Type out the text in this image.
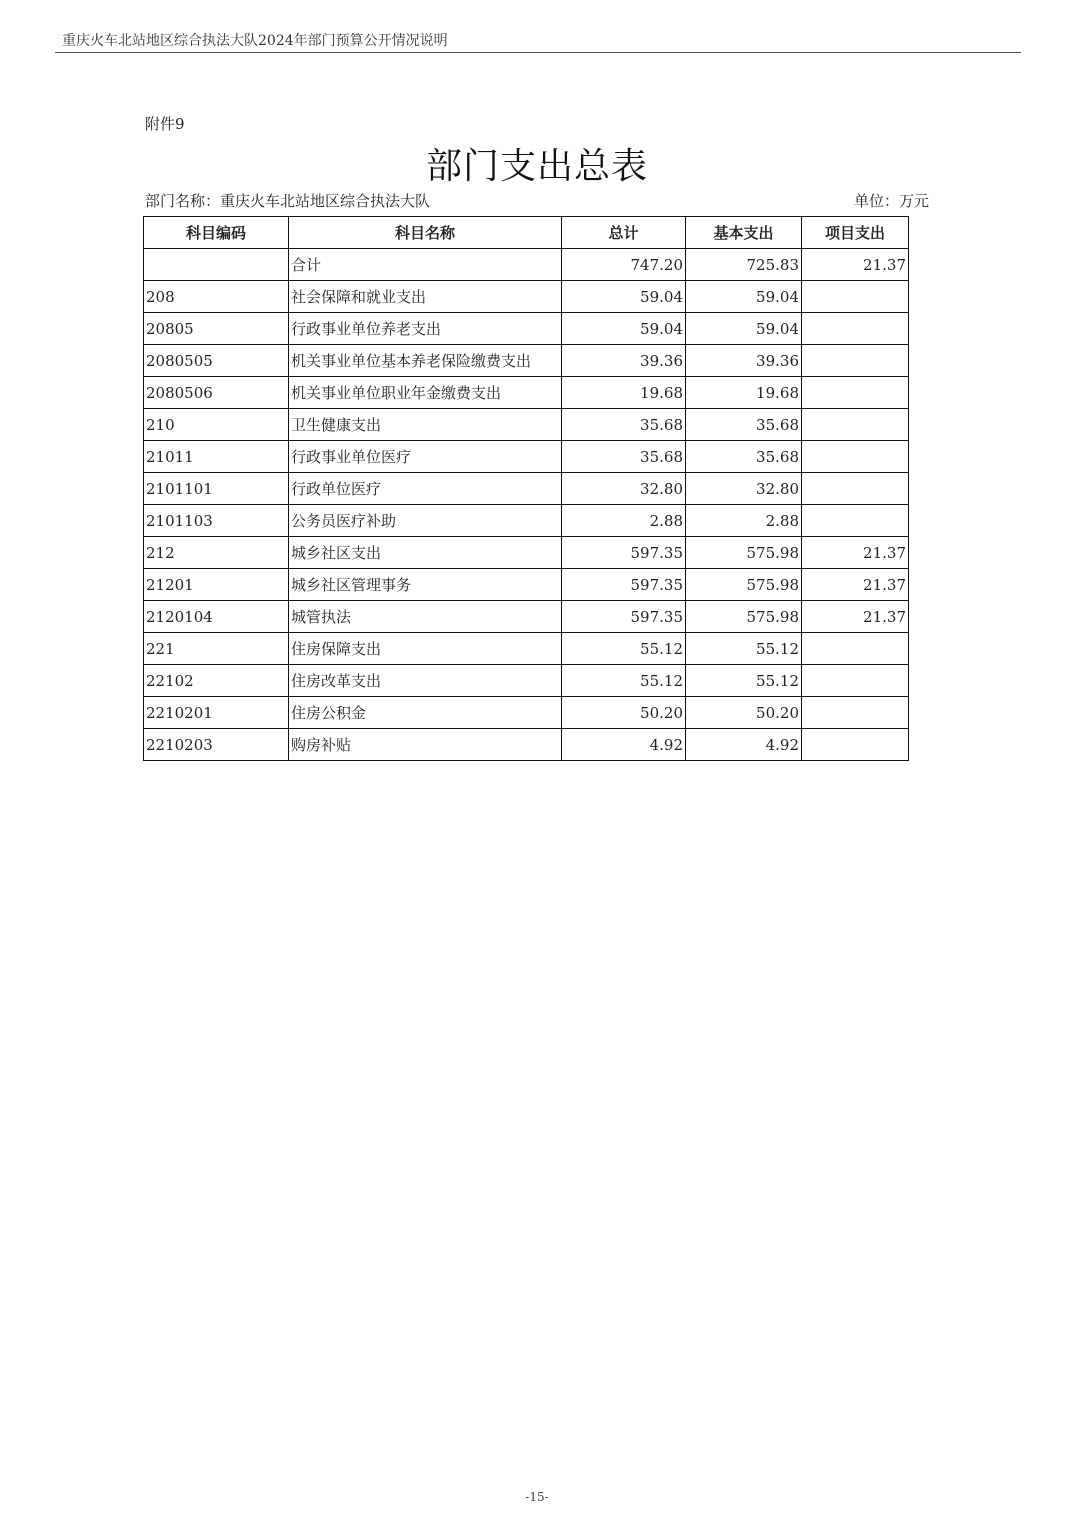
重庆火车北站地区综合执法大队2024年部门预算公开情况说明
附件9
部门支出总表
部门名称：重庆火车北站地区综合执法大队	单位：万元
科目编码	科目名称	总计	基本支出	项目支出
	合计	747.20	725.83	21.37
208	社会保障和就业支出	59.04	59.04	
20805	行政事业单位养老支出	59.04	59.04	
2080505	机关事业单位基本养老保险缴费支出	39.36	39.36	
2080506	机关事业单位职业年金缴费支出	19.68	19.68	
210	卫生健康支出	35.68	35.68	
21011	行政事业单位医疗	35.68	35.68	
2101101	行政单位医疗	32.80	32.80	
2101103	公务员医疗补助	2.88	2.88	
212	城乡社区支出	597.35	575.98	21.37
21201	城乡社区管理事务	597.35	575.98	21.37
2120104	城管执法	597.35	575.98	21.37
221	住房保障支出	55.12	55.12	
22102	住房改革支出	55.12	55.12	
2210201	住房公积金	50.20	50.20	
2210203	购房补贴	4.92	4.92	
-15-
